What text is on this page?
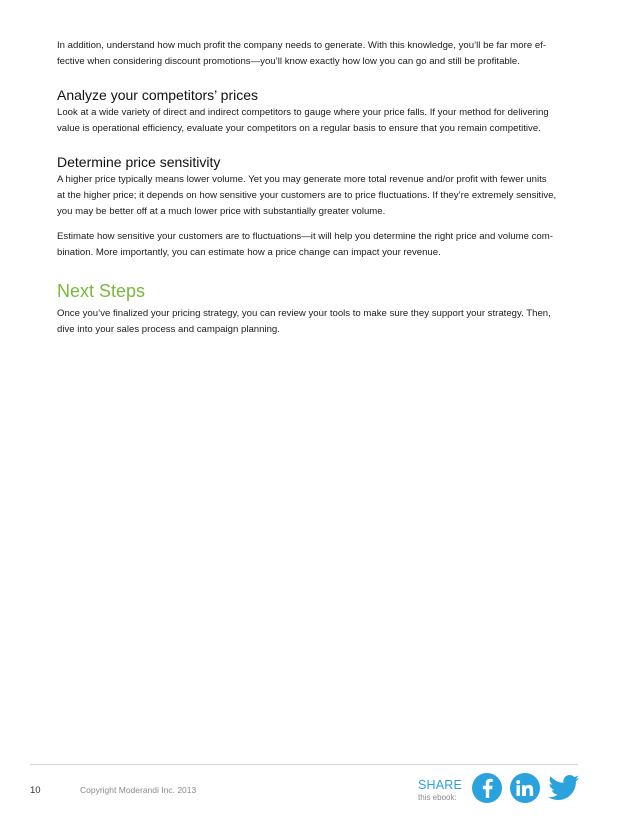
In addition, understand how much profit the company needs to generate. With this knowledge, you’ll be far more ef-
fective when considering discount promotions—you’ll know exactly how low you can go and still be profitable.

Analyze your competitors’ prices

Look at a wide variety of direct and indirect competitors to gauge where your price falls. If your method for delivering
value is operational efficiency, evaluate your competitors on a regular basis to ensure that you remain competitive.

Determine price sensitivity

A higher price typically means lower volume. Yet you may generate more total revenue and/or profit with fewer units
at the higher price; it depends on how sensitive your customers are to price fluctuations. If they’re extremely sensitive,
you may be better off at a much lower price with substantially greater volume.

Estimate how sensitive your customers are to fluctuations—it will help you determine the right price and volume com-
bination. More importantly, you can estimate how a price change can impact your revenue.

Next Steps

Once you’ve finalized your pricing strategy, you can review your tools to make sure they support your strategy. Then,
dive into your sales process and campaign planning.

10	Copyright Moderandi Inc. 2013	SHARE
this ebook:
